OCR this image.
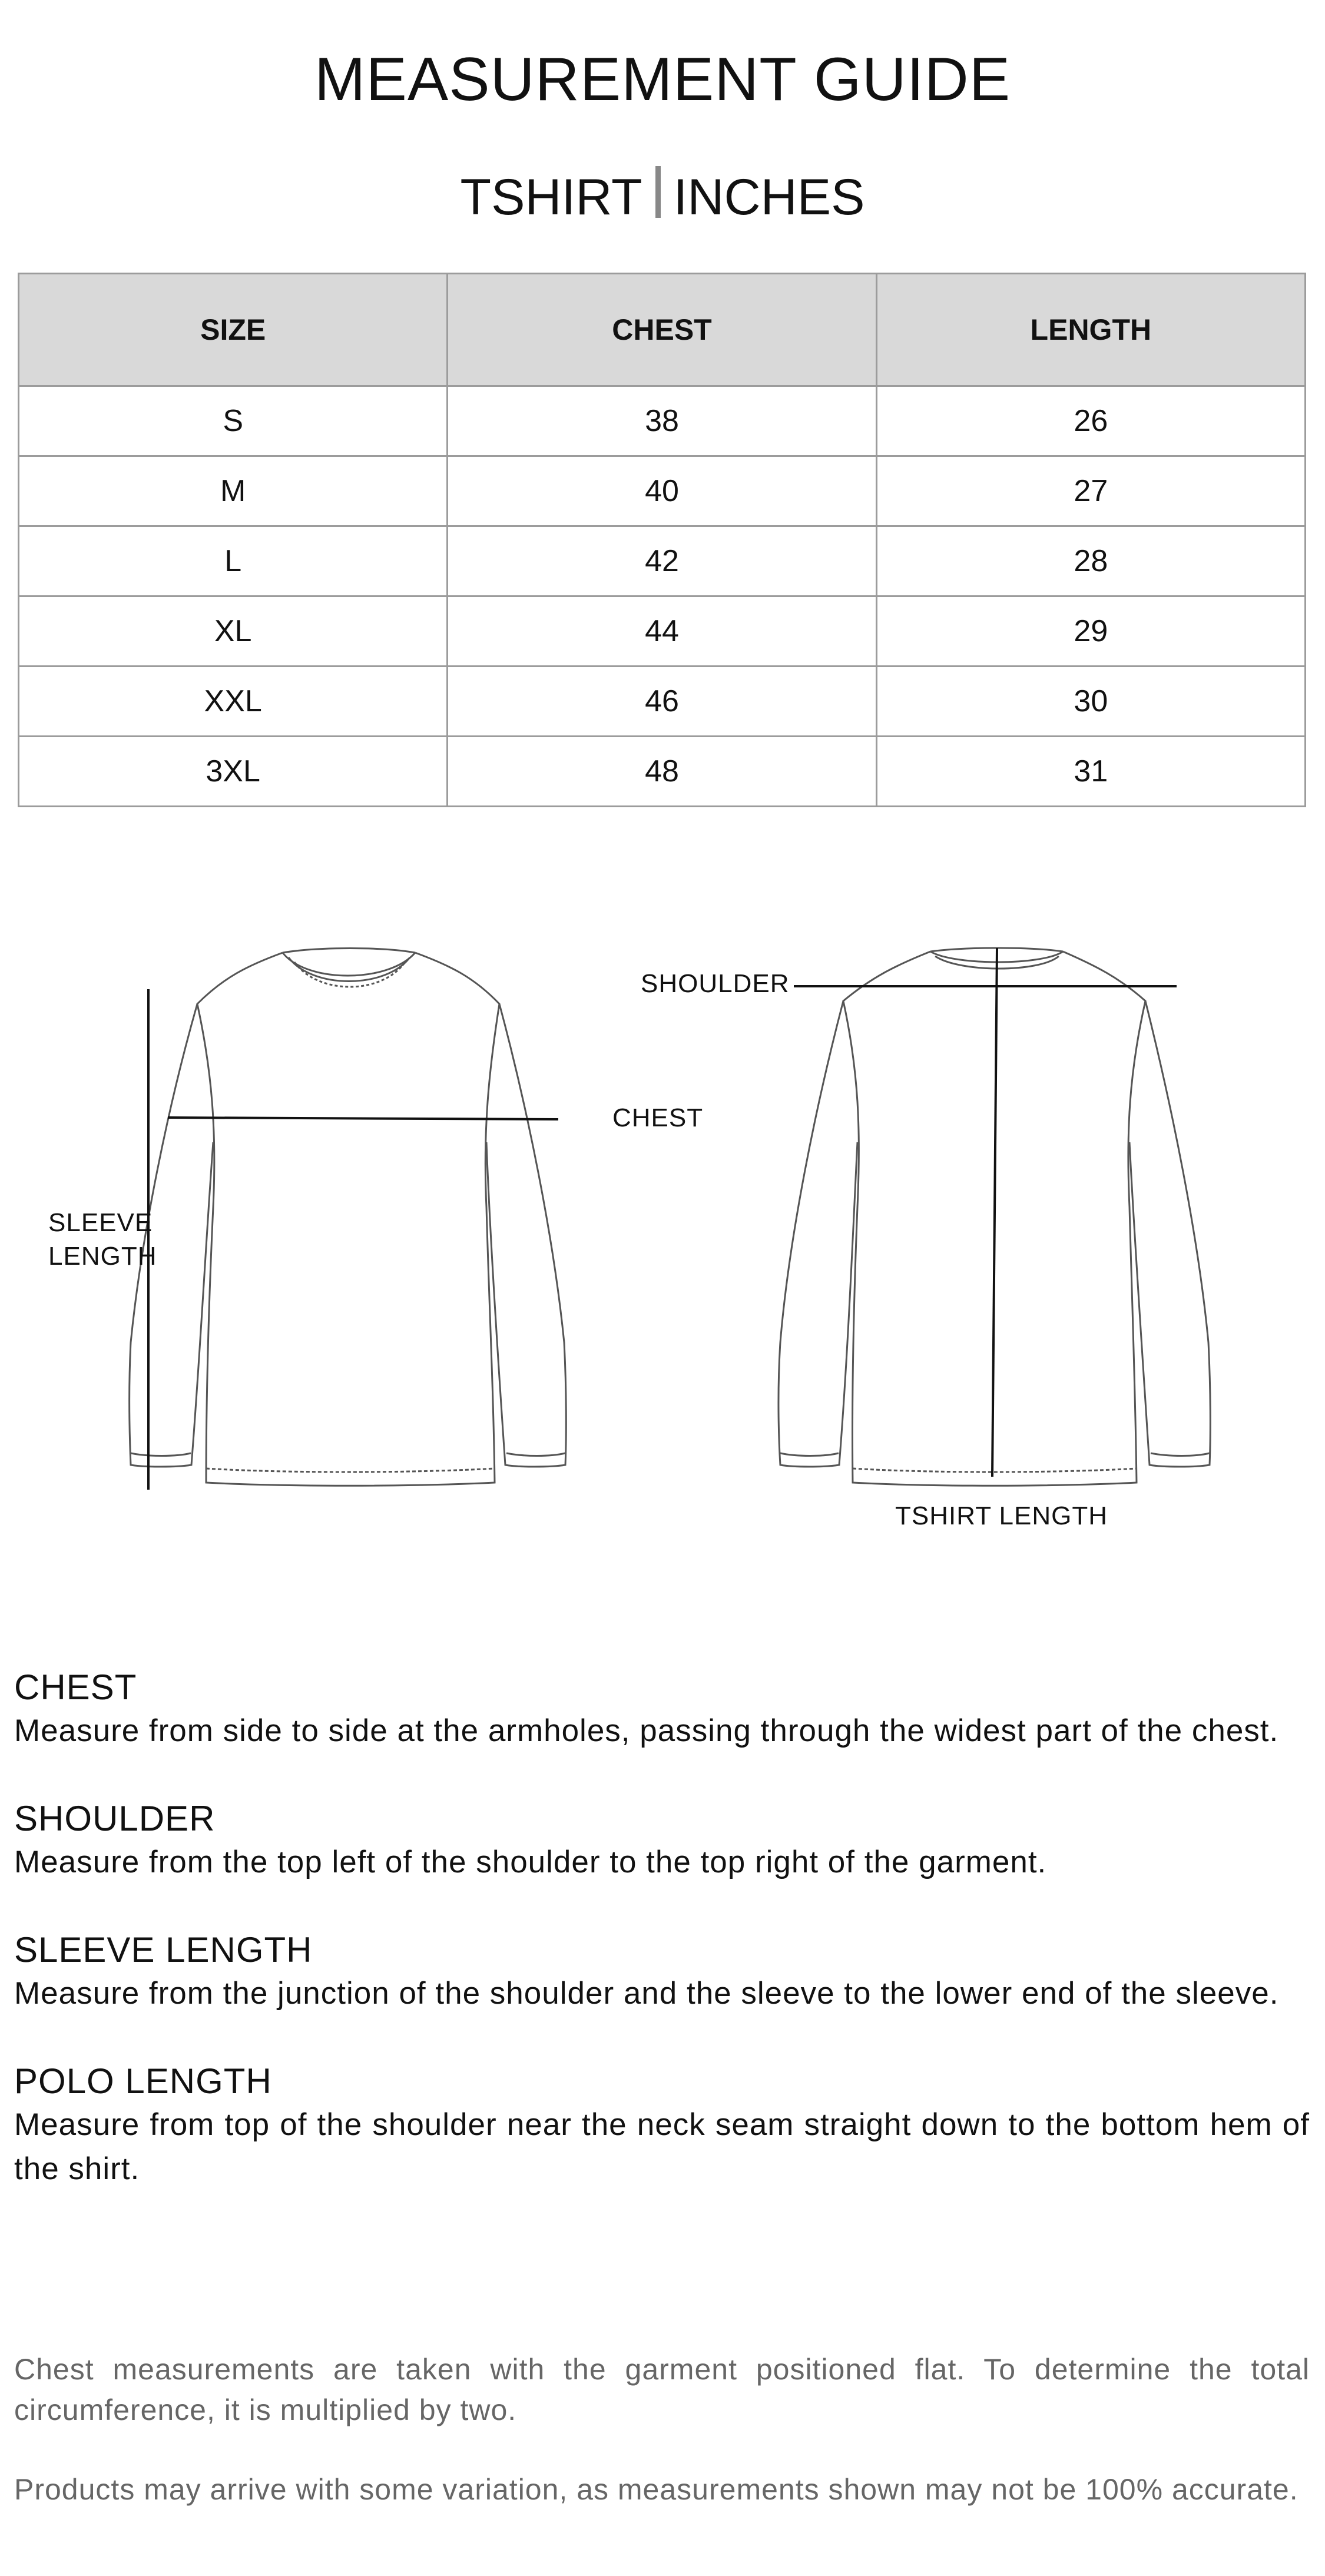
MEASUREMENT GUIDE
TSHIRT INCHES
SIZE	CHEST	LENGTH
S	38	26
M	40	27
L	42	28
XL	44	29
XXL	46	30
3XL	48	31
CHEST
SLEEVE
LENGTH
SHOULDER
TSHIRT LENGTH
CHEST
Measure from side to side at the armholes, passing through the widest part of the chest.
SHOULDER
Measure from the top left of the shoulder to the top right of the garment.
SLEEVE LENGTH
Measure from the junction of the shoulder and the sleeve to the lower end of the sleeve.
POLO LENGTH
Measure from top of the shoulder near the neck seam straight down to the bottom hem of the shirt.
Chest measurements are taken with the garment positioned flat. To determine the total circumference, it is multiplied by two.
Products may arrive with some variation, as measurements shown may not be 100% accurate.
